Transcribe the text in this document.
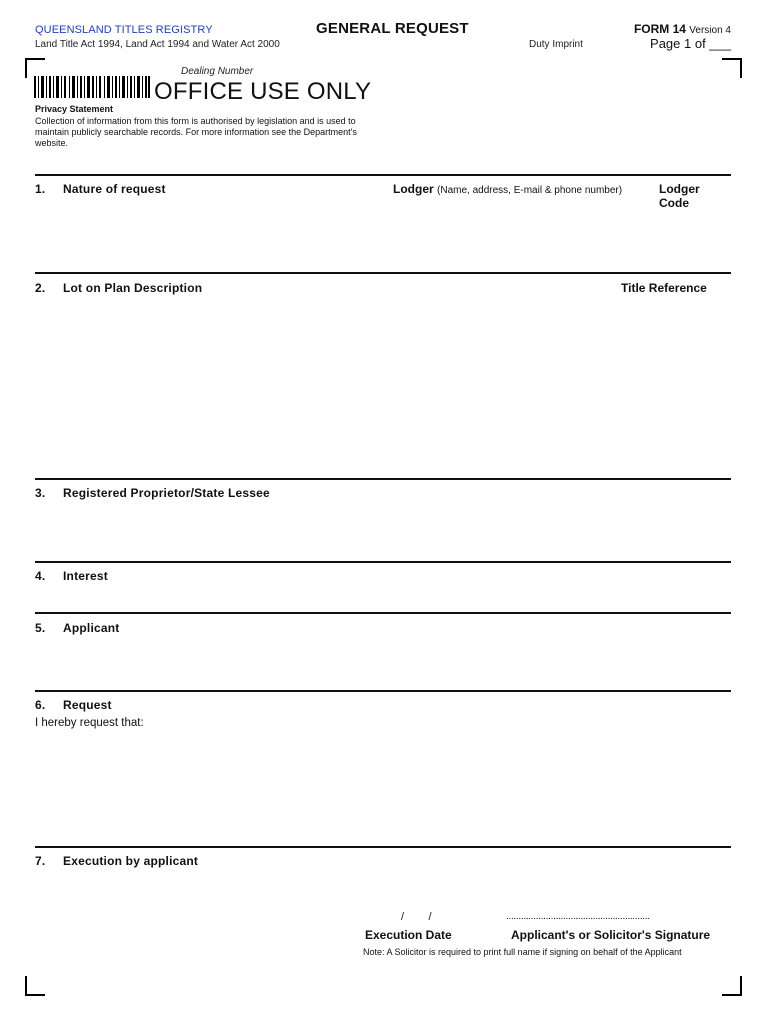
QUEENSLAND TITLES REGISTRY
Land Title Act 1994, Land Act 1994 and Water Act 2000
GENERAL REQUEST
Duty Imprint
FORM 14 Version 4
Page 1 of ___
Dealing Number
OFFICE USE ONLY
Privacy Statement
Collection of information from this form is authorised by legislation and is used to maintain publicly searchable records. For more information see the Department's website.
1. Nature of request	Lodger (Name, address, E-mail & phone number)	Lodger
Code
2. Lot on Plan Description	Title Reference
3. Registered Proprietor/State Lessee
4. Interest
5. Applicant
6. Request
I hereby request that:
7. Execution by applicant
/        /	..........................................................
Execution Date	Applicant's or Solicitor's Signature
Note: A Solicitor is required to print full name if signing on behalf of the Applicant
